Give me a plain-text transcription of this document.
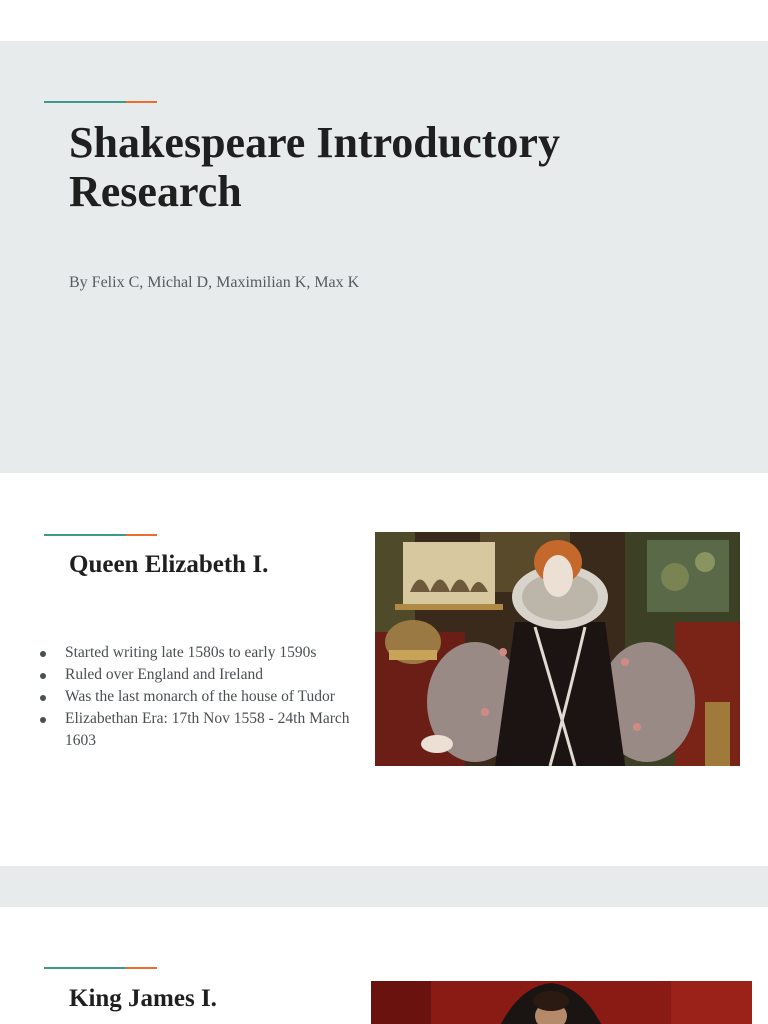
Shakespeare Introductory Research

By Felix C, Michal D, Maximilian K, Max K

Queen Elizabeth I.
Started writing late 1580s to early 1590s
Ruled over England and Ireland
Was the last monarch of the house of Tudor
Elizabethan Era: 17th Nov 1558 - 24th March 1603
King James I.
